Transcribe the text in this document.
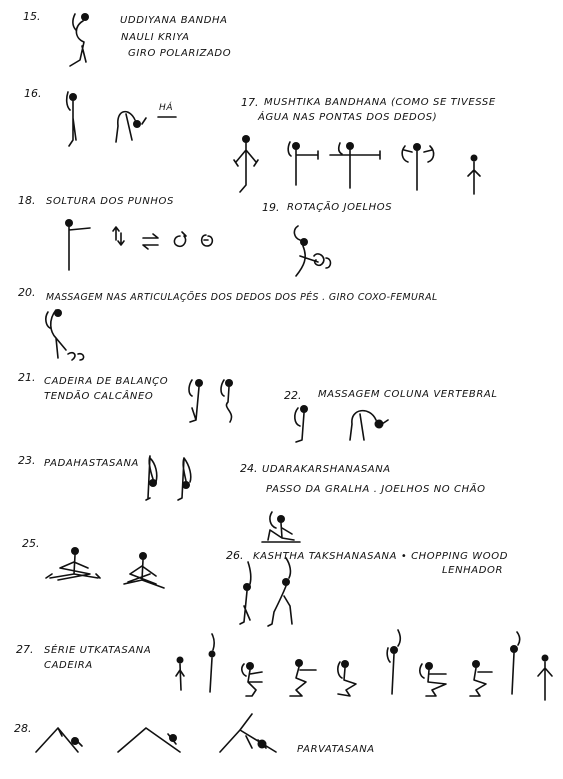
15.	UDDIYANA BANDHA
NAULI KRIYA
GIRO POLARIZADO
16.
HÁ	17. MUSHTIKA BANDHANA (COMO SE TIVESSE
ÁGUA NAS PONTAS DOS DEDOS)
18. SOLTURA DOS PUNHOS	19. ROTAÇÃO JOELHOS
20. MASSAGEM NAS ARTICULAÇÕES DOS DEDOS DOS PÉS . GIRO COXO-FEMURAL
21. CADEIRA DE BALANÇO
TENDÃO CALCÂNEO	22. MASSAGEM COLUNA VERTEBRAL
23. PADAHASTASANA	24. UDARAKARSHANASANA
PASSO DA GRALHA . JOELHOS NO CHÃO
25.
26. KASHTHA TAKSHANASANA • CHOPPING WOOD
LENHADOR
27. SÉRIE UTKATASANA
CADEIRA
28.
PARVATASANA
